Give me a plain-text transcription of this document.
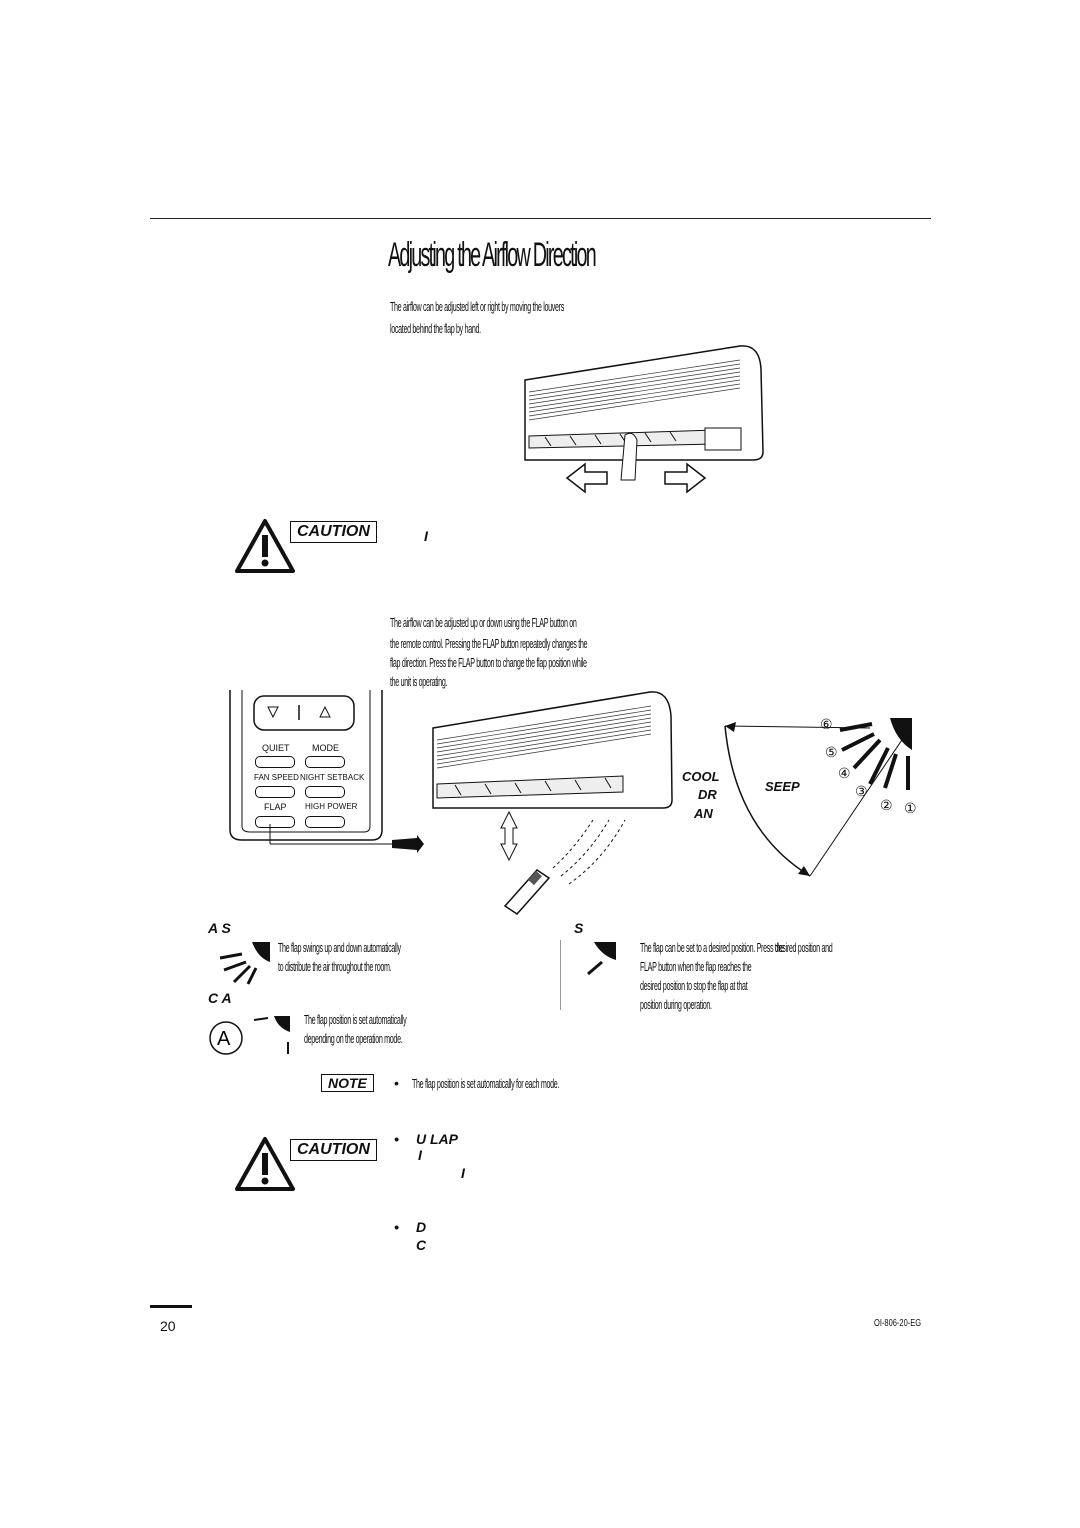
Adjusting the Airflow Direction
The airflow can be adjusted left or right by moving the louvers
located behind the flap by hand.
CAUTION	I
The airflow can be adjusted up or down using the FLAP button on
the remote control. Pressing the FLAP button repeatedly changes the
flap direction. Press the FLAP button to change the flap position while
the unit is operating.
QUIET MODE
FAN SPEED NIGHT SETBACK
FLAP HIGH POWER	①
②
③
④
⑤
⑥
COOL
DR
AN
SEEP
A S
The flap swings up and down automatically
to distribute the air throughout the room.
S
The flap can be set to a desired position. Press the
desired position and
FLAP button when the flap reaches the
desired position to stop the flap at that
position during operation.
C A
A
The flap position is set automatically
depending on the operation mode.
NOTE	• The flap position is set automatically for each mode.
CAUTION
• U LAP
I
I
• D
C
20	OI-806-20-EG
